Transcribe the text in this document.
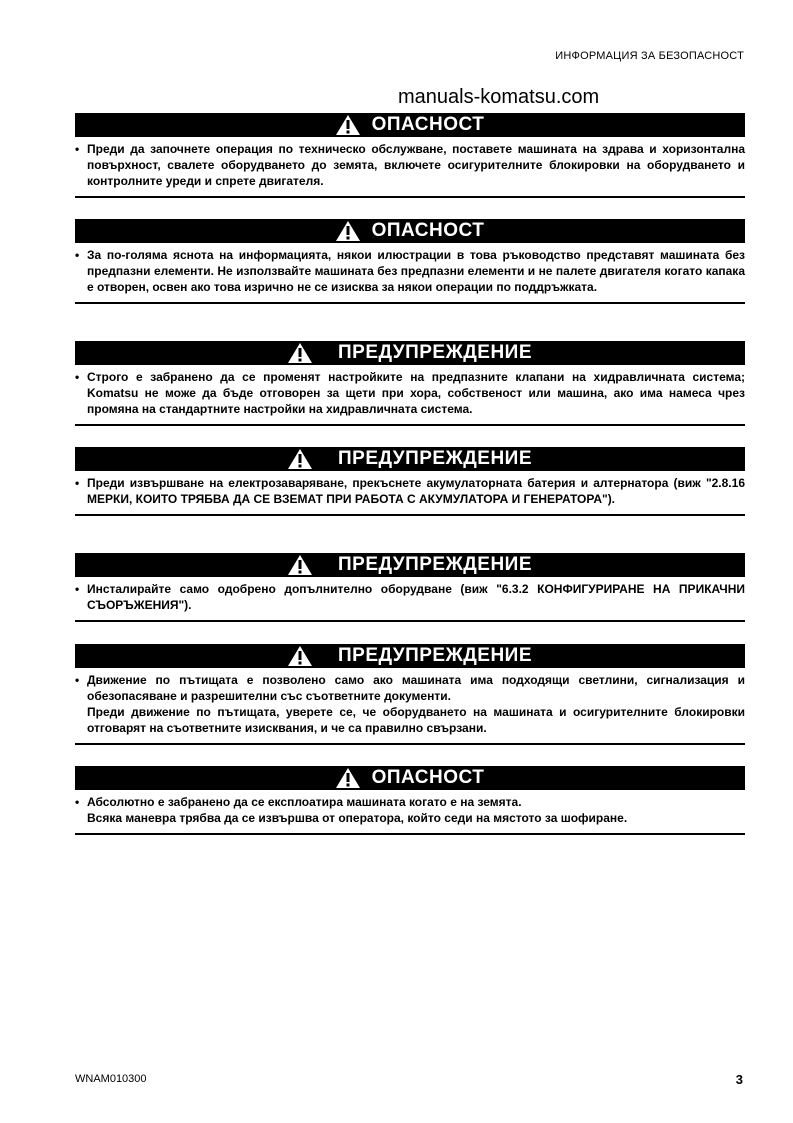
ИНФОРМАЦИЯ ЗА БЕЗОПАСНОСТ
manuals-komatsu.com
ОПАСНОСТ
• Преди да започнете операция по техническо обслужване, поставете машината на здрава и хоризонтална повърхност, свалете оборудването до земята, включете осигурителните блокировки на оборудването и контролните уреди и спрете двигателя.

ОПАСНОСТ
• За по-голяма яснота на информацията, някои илюстрации в това ръководство представят машината без предпазни елементи. Не използвайте машината без предпазни елементи и не палете двигателя когато капака е отворен, освен ако това изрично не се изисква за някои операции по поддръжката.

ПРЕДУПРЕЖДЕНИЕ
• Строго е забранено да се променят настройките на предпазните клапани на хидравличната система; Komatsu не може да бъде отговорен за щети при хора, собственост или машина, ако има намеса чрез промяна на стандартните настройки на хидравличната система.

ПРЕДУПРЕЖДЕНИЕ
• Преди извършване на електрозаваряване, прекъснете акумулаторната батерия и алтернатора (виж "2.8.16 МЕРКИ, КОИТО ТРЯБВА ДА СЕ ВЗЕМАТ ПРИ РАБОТА С АКУМУЛАТОРА И ГЕНЕРАТОРА").

ПРЕДУПРЕЖДЕНИЕ
• Инсталирайте само одобрено допълнително оборудване (виж "6.3.2 КОНФИГУРИРАНЕ НА ПРИКАЧНИ СЪОРЪЖЕНИЯ").

ПРЕДУПРЕЖДЕНИЕ
• Движение по пътищата е позволено само ако машината има подходящи светлини, сигнализация и обезопасяване и разрешителни със съответните документи.

Преди движение по пътищата, уверете се, че оборудването на машината и осигурителните блокировки отговарят на съответните изисквания, и че са правилно свързани.

ОПАСНОСТ
• Абсолютно е забранено да се експлоатира машината когато е на земята.

Всяка маневра трябва да се извършва от оператора, който седи на мястото за шофиране.

WNAM010300	3
